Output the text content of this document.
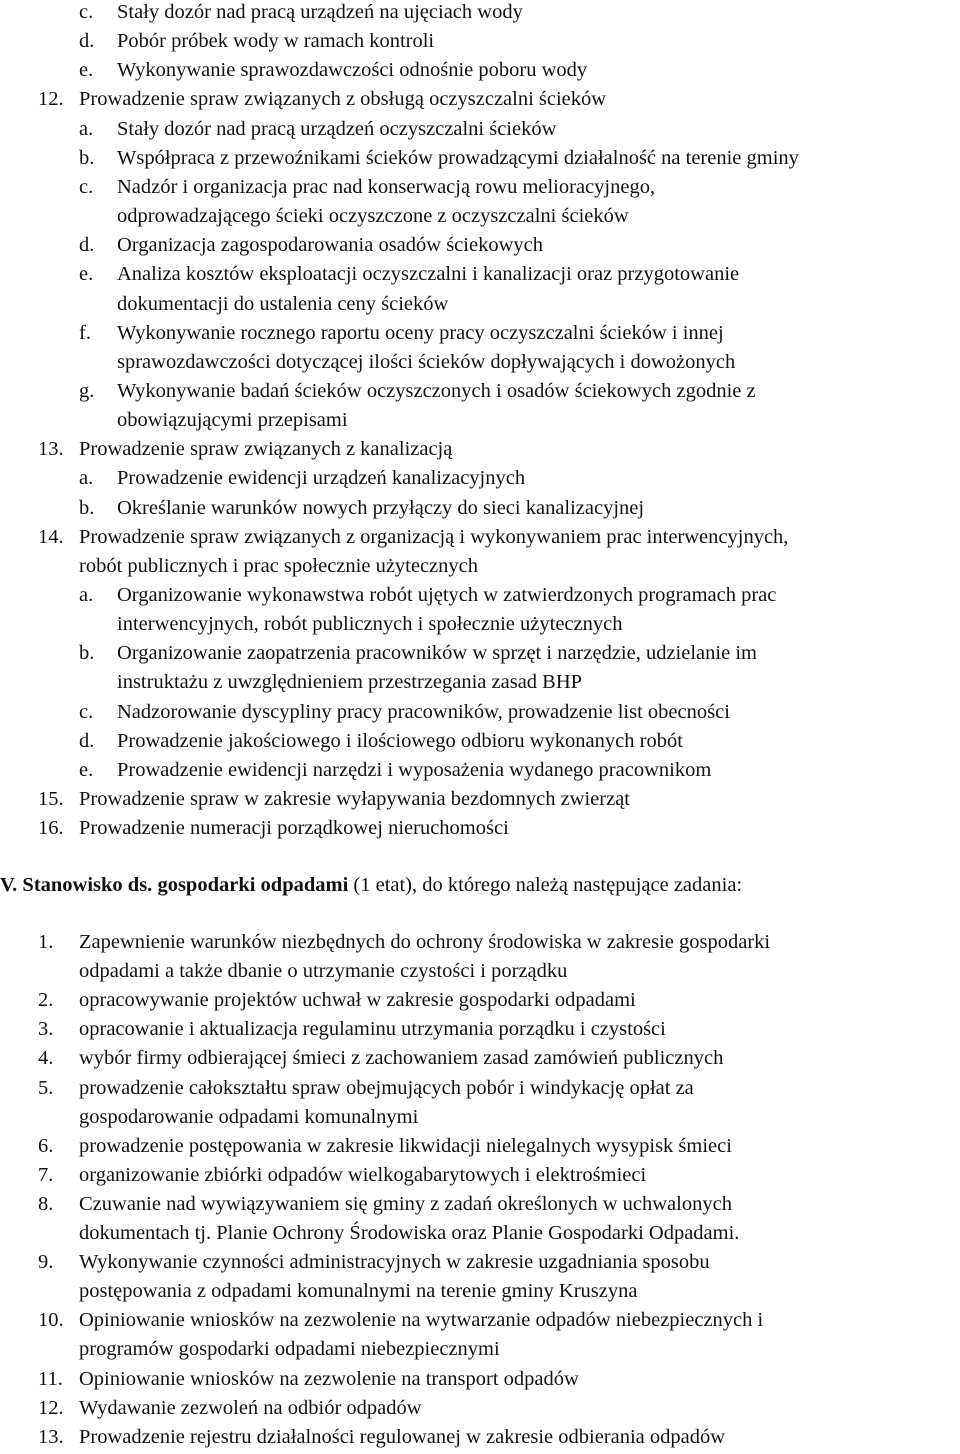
c. Stały dozór nad pracą urządzeń na ujęciach wody
d. Pobór próbek wody w ramach kontroli
e. Wykonywanie sprawozdawczości odnośnie poboru wody
12. Prowadzenie spraw związanych z obsługą oczyszczalni ścieków
a. Stały dozór nad pracą urządzeń oczyszczalni ścieków
b. Współpraca z przewoźnikami ścieków prowadzącymi działalność na terenie gminy
c. Nadzór i organizacja prac nad konserwacją rowu melioracyjnego,
odprowadzającego ścieki oczyszczone z oczyszczalni ścieków
d. Organizacja zagospodarowania osadów ściekowych
e. Analiza kosztów eksploatacji oczyszczalni i kanalizacji oraz przygotowanie
dokumentacji do ustalenia ceny ścieków
f. Wykonywanie rocznego raportu oceny pracy oczyszczalni ścieków i innej
sprawozdawczości dotyczącej ilości ścieków dopływających i dowożonych
g. Wykonywanie badań ścieków oczyszczonych i osadów ściekowych zgodnie z
obowiązującymi przepisami
13. Prowadzenie spraw związanych z kanalizacją
a. Prowadzenie ewidencji urządzeń kanalizacyjnych
b. Określanie warunków nowych przyłączy do sieci kanalizacyjnej
14. Prowadzenie spraw związanych z organizacją i wykonywaniem prac interwencyjnych,
robót publicznych i prac społecznie użytecznych
a. Organizowanie wykonawstwa robót ujętych w zatwierdzonych programach prac
interwencyjnych, robót publicznych i społecznie użytecznych
b. Organizowanie zaopatrzenia pracowników w sprzęt i narzędzie, udzielanie im
instruktażu z uwzględnieniem przestrzegania zasad BHP
c. Nadzorowanie dyscypliny pracy pracowników, prowadzenie list obecności
d. Prowadzenie jakościowego i ilościowego odbioru wykonanych robót
e. Prowadzenie ewidencji narzędzi i wyposażenia wydanego pracownikom
15. Prowadzenie spraw w zakresie wyłapywania bezdomnych zwierząt
16. Prowadzenie numeracji porządkowej nieruchomości
V. Stanowisko ds. gospodarki odpadami (1 etat), do którego należą następujące zadania:
1. Zapewnienie warunków niezbędnych do ochrony środowiska w zakresie gospodarki
odpadami a także dbanie o utrzymanie czystości i porządku
2. opracowywanie projektów uchwał w zakresie gospodarki odpadami
3. opracowanie i aktualizacja regulaminu utrzymania porządku i czystości
4. wybór firmy odbierającej śmieci z zachowaniem zasad zamówień publicznych
5. prowadzenie całokształtu spraw obejmujących pobór i windykację opłat za
gospodarowanie odpadami komunalnymi
6. prowadzenie postępowania w zakresie likwidacji nielegalnych wysypisk śmieci
7. organizowanie zbiórki odpadów wielkogabarytowych i elektrośmieci
8. Czuwanie nad wywiązywaniem się gminy z zadań określonych w uchwalonych
dokumentach tj. Planie Ochrony Środowiska oraz Planie Gospodarki Odpadami.
9. Wykonywanie czynności administracyjnych w zakresie uzgadniania sposobu
postępowania z odpadami komunalnymi na terenie gminy Kruszyna
10. Opiniowanie wniosków na zezwolenie na wytwarzanie odpadów niebezpiecznych i
programów gospodarki odpadami niebezpiecznymi
11. Opiniowanie wniosków na zezwolenie na transport odpadów
12. Wydawanie zezwoleń na odbiór odpadów
13. Prowadzenie rejestru działalności regulowanej w zakresie odbierania odpadów
